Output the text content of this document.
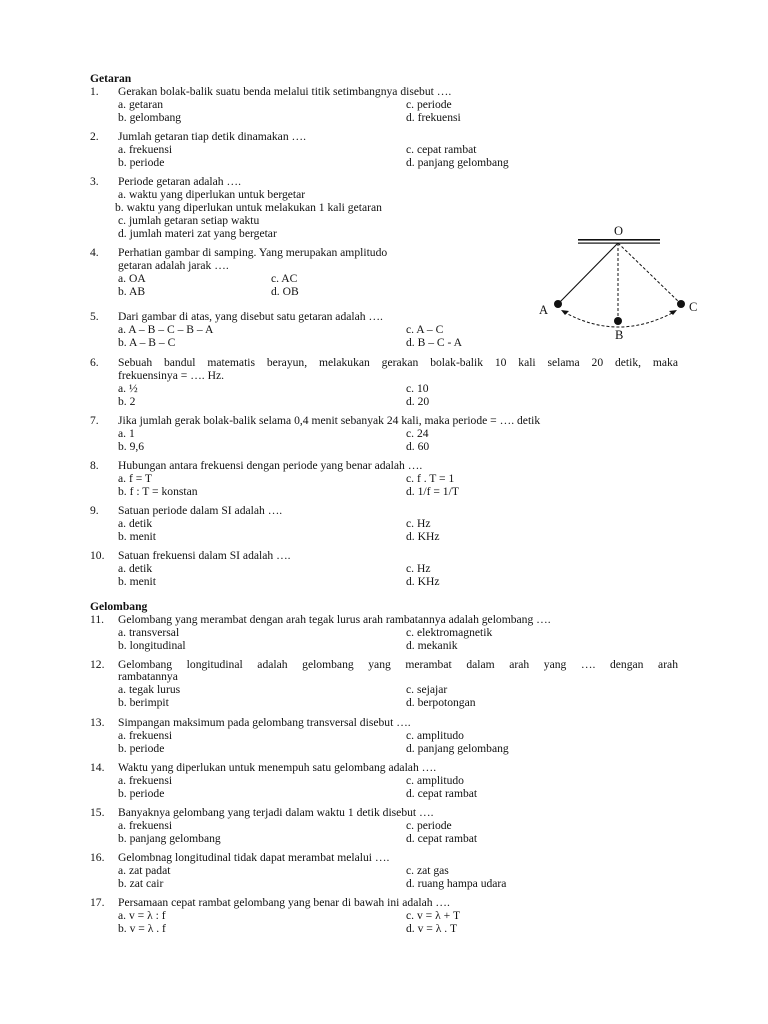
Getaran
1. Gerakan bolak-balik suatu benda melalui titik setimbangnya disebut ….
a. getaran
b. gelombang
c. periode
d. frekuensi
2. Jumlah getaran tiap detik dinamakan ….
a. frekuensi
b. periode
c. cepat rambat
d. panjang gelombang
3. Periode getaran adalah ….
a. waktu yang diperlukan untuk bergetar
b. waktu yang diperlukan untuk melakukan 1 kali getaran
c. jumlah getaran setiap waktu
d. jumlah materi zat yang bergetar
4. Perhatian gambar di samping. Yang merupakan amplitudo
getaran adalah jarak ….
a. OA
b. AB
c. AC
d. OB
O
A
B
C
5. Dari gambar di atas, yang disebut satu getaran adalah ….
a. A – B – C – B – A
b. A – B – C
c. A – C
d. B – C - A
6. Sebuah bandul matematis berayun, melakukan gerakan bolak-balik 10 kali selama 20 detik, maka
frekuensinya = …. Hz.
a. ½
b. 2
c. 10
d. 20
7. Jika jumlah gerak bolak-balik selama 0,4 menit sebanyak 24 kali, maka periode = …. detik
a. 1
b. 9,6
c. 24
d. 60
8. Hubungan antara frekuensi dengan periode yang benar adalah ….
a. f = T
b. f : T = konstan
c. f . T = 1
d. 1/f = 1/T
9. Satuan periode dalam SI adalah ….
a. detik
b. menit
c. Hz
d. KHz
10. Satuan frekuensi dalam SI adalah ….
a. detik
b. menit
c. Hz
d. KHz
Gelombang
11. Gelombang yang merambat dengan arah tegak lurus arah rambatannya adalah gelombang ….
a. transversal
b. longitudinal
c. elektromagnetik
d. mekanik
12. Gelombang longitudinal adalah gelombang yang merambat dalam arah yang …. dengan arah
rambatannya
a. tegak lurus
b. berimpit
c. sejajar
d. berpotongan
13. Simpangan maksimum pada gelombang transversal disebut ….
a. frekuensi
b. periode
c. amplitudo
d. panjang gelombang
14. Waktu yang diperlukan untuk menempuh satu gelombang adalah ….
a. frekuensi
b. periode
c. amplitudo
d. cepat rambat
15. Banyaknya gelombang yang terjadi dalam waktu 1 detik disebut ….
a. frekuensi
b. panjang gelombang
c. periode
d. cepat rambat
16. Gelombnag longitudinal tidak dapat merambat melalui ….
a. zat padat
b. zat cair
c. zat gas
d. ruang hampa udara
17. Persamaan cepat rambat gelombang yang benar di bawah ini adalah ….
a. v = λ : f
b. v = λ . f
c. v = λ + T
d. v = λ . T
